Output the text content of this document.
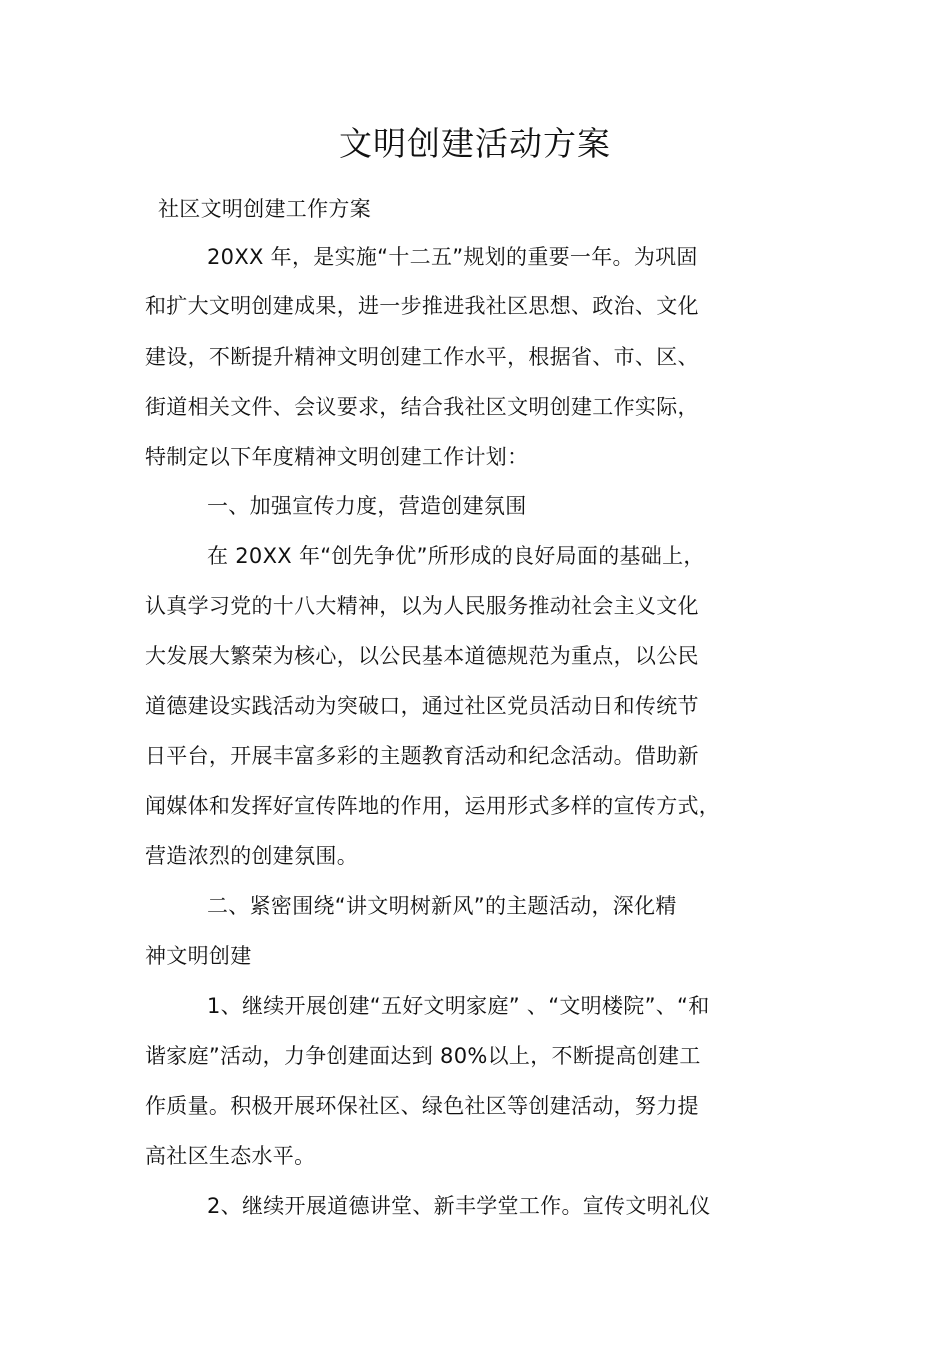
文明创建活动方案

社区文明创建工作方案

20XX 年，是实施“十二五”规划的重要一年。为巩固

和扩大文明创建成果，进一步推进我社区思想、政治、文化

建设，不断提升精神文明创建工作水平，根据省、市、区、

街道相关文件、会议要求，结合我社区文明创建工作实际，

特制定以下年度精神文明创建工作计划：

一、加强宣传力度，营造创建氛围

在 20XX 年“创先争优”所形成的良好局面的基础上，

认真学习党的十八大精神，以为人民服务推动社会主义文化

大发展大繁荣为核心，以公民基本道德规范为重点，以公民

道德建设实践活动为突破口，通过社区党员活动日和传统节

日平台，开展丰富多彩的主题教育活动和纪念活动。借助新

闻媒体和发挥好宣传阵地的作用，运用形式多样的宣传方式，

营造浓烈的创建氛围。

二、紧密围绕“讲文明树新风”的主题活动，深化精

神文明创建

1、继续开展创建“五好文明家庭” 、“文明楼院”、“和

谐家庭”活动，力争创建面达到 80%以上，不断提高创建工

作质量。积极开展环保社区、绿色社区等创建活动，努力提

高社区生态水平。

2、继续开展道德讲堂、新丰学堂工作。宣传文明礼仪
